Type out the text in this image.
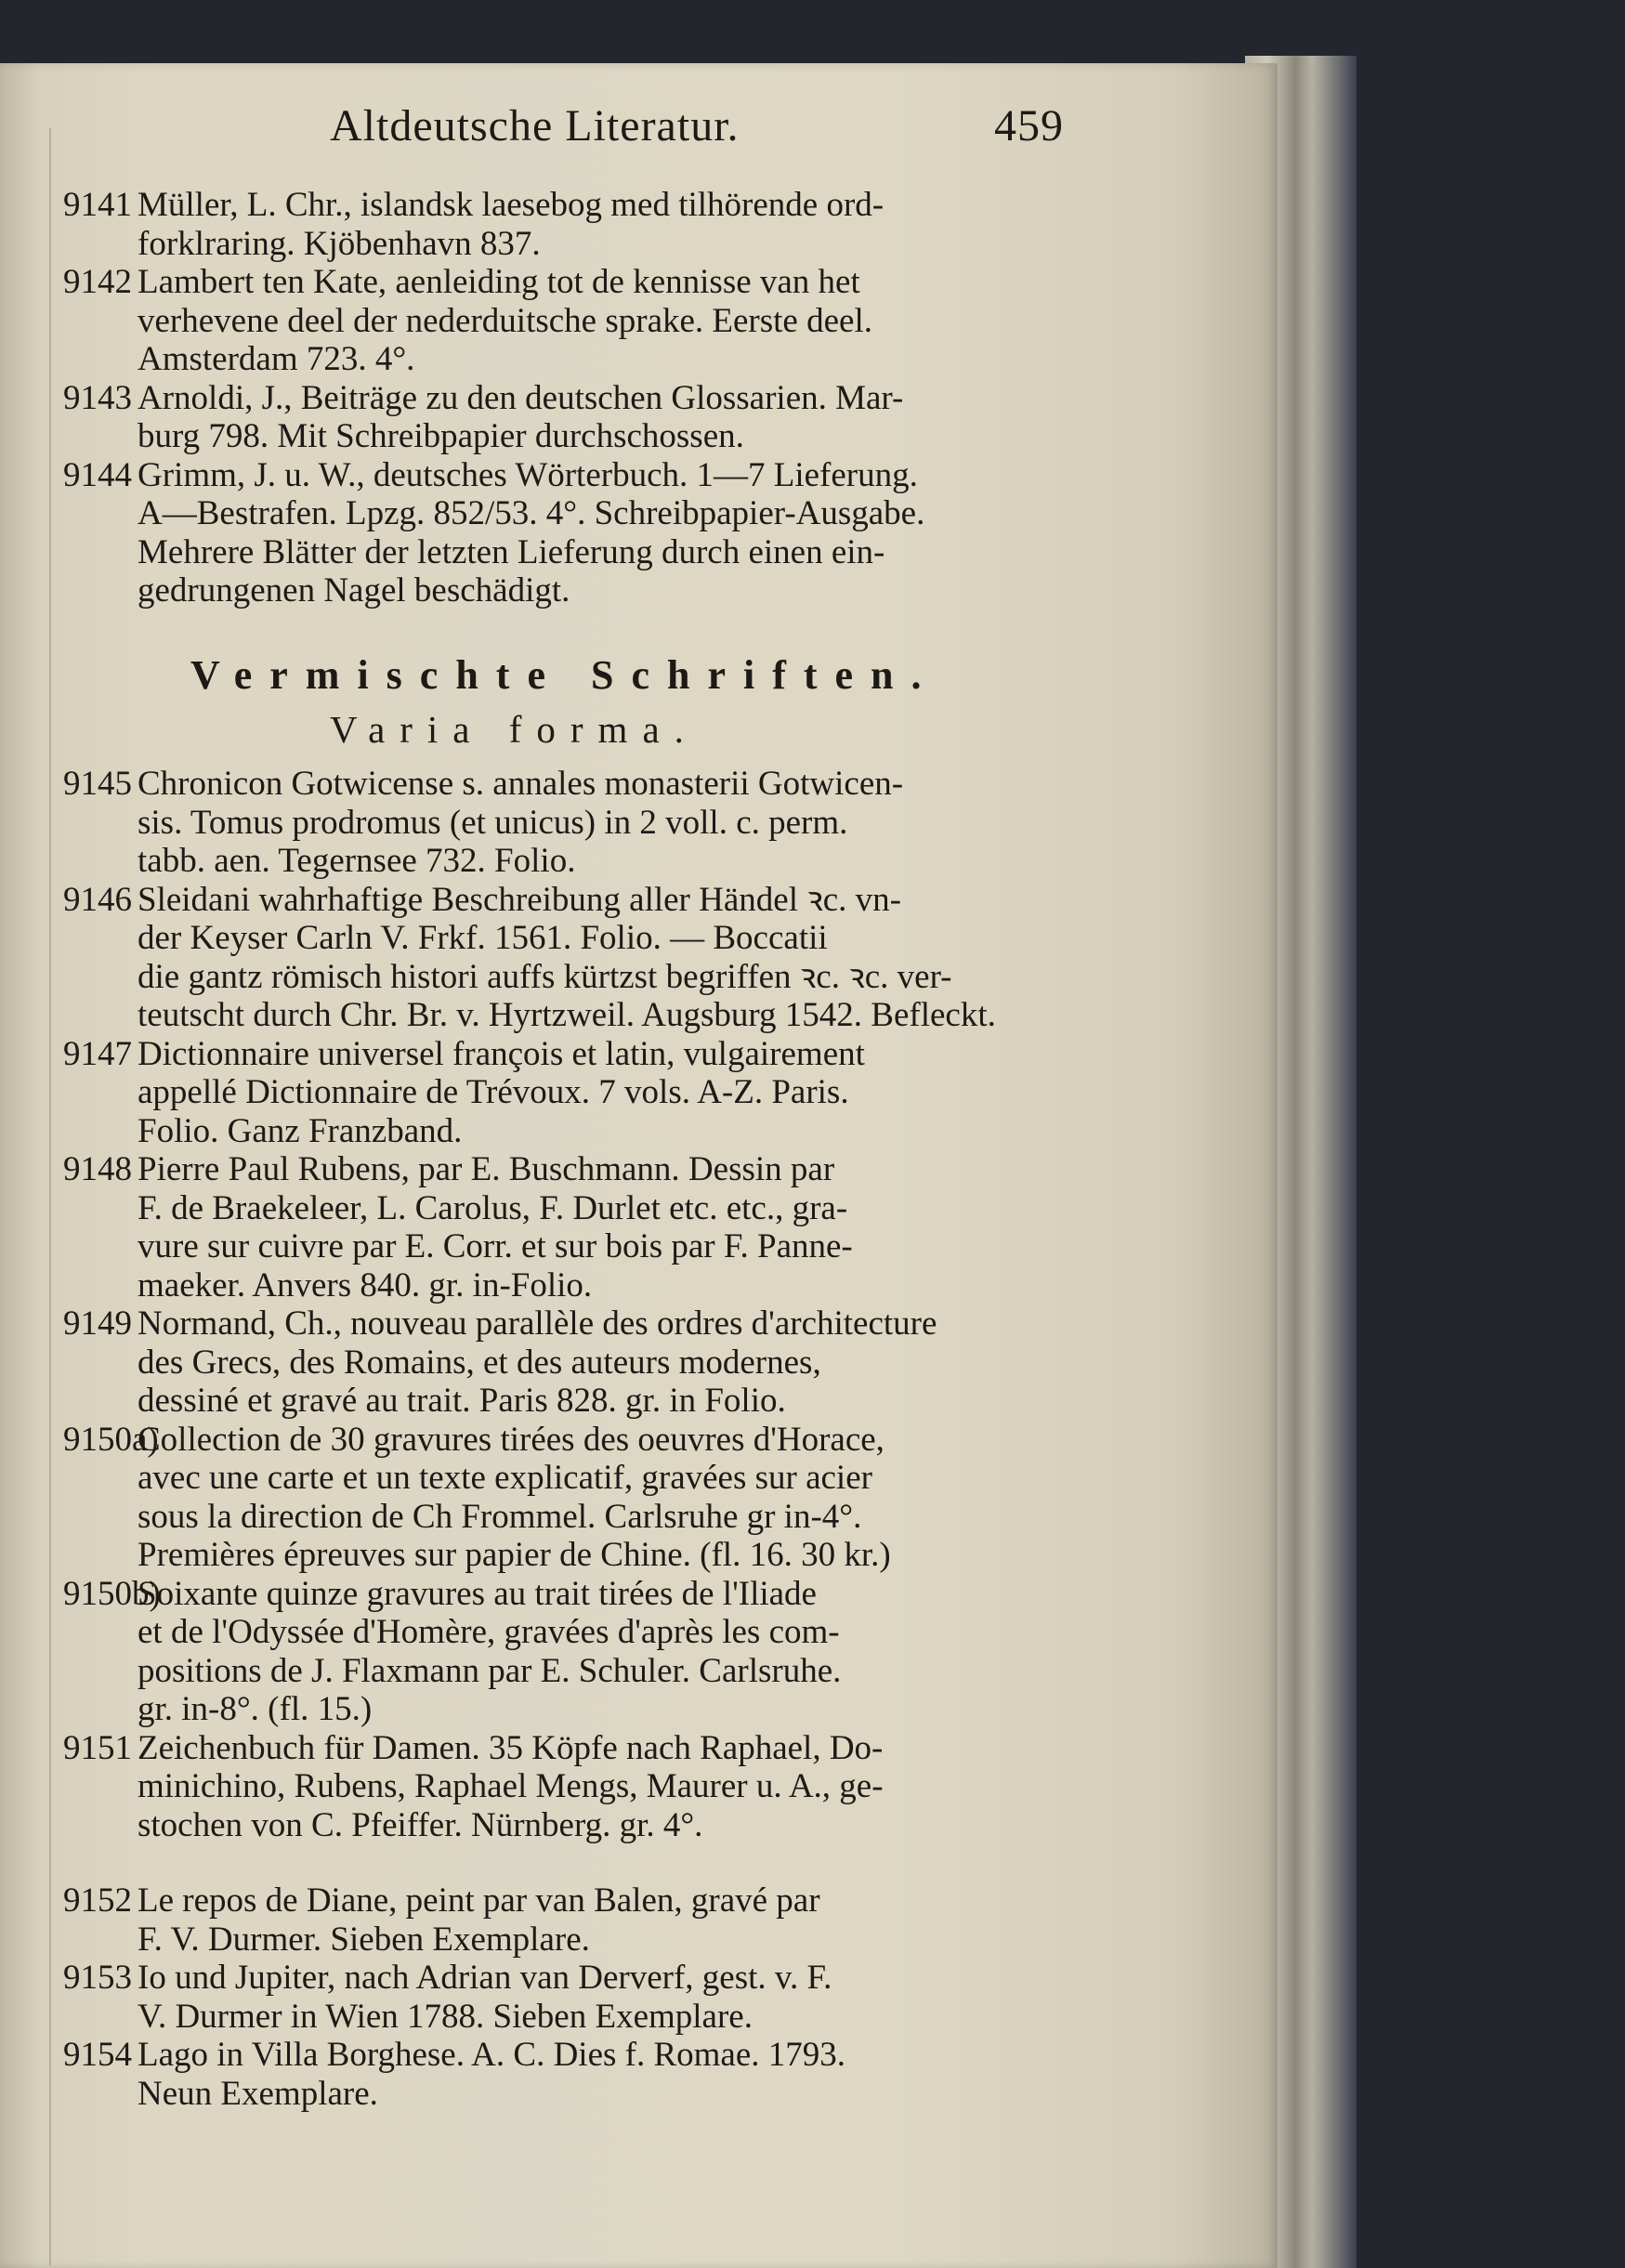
Altdeutsche Literatur.	459
9141 Müller, L. Chr., islandsk laesebog med tilhörende ord-
forklraring. Kjöbenhavn 837.
9142 Lambert ten Kate, aenleiding tot de kennisse van het
verhevene deel der nederduitsche sprake. Eerste deel.
Amsterdam 723. 4°.
9143 Arnoldi, J., Beiträge zu den deutschen Glossarien. Mar-
burg 798. Mit Schreibpapier durchschossen.
9144 Grimm, J. u. W., deutsches Wörterbuch. 1—7 Lieferung.
A—Bestrafen. Lpzg. 852/53. 4°. Schreibpapier-Ausgabe.
Mehrere Blätter der letzten Lieferung durch einen ein-
gedrungenen Nagel beschädigt.
Vermischte Schriften.
Varia forma.
9145 Chronicon Gotwicense s. annales monasterii Gotwicen-
sis. Tomus prodromus (et unicus) in 2 voll. c. perm.
tabb. aen. Tegernsee 732. Folio.
9146 Sleidani wahrhaftige Beschreibung aller Händel ꝛc. vn-
der Keyser Carln V. Frkf. 1561. Folio. — Boccatii
die gantz römisch histori auffs kürtzst begriffen ꝛc. ꝛc. ver-
teutscht durch Chr. Br. v. Hyrtzweil. Augsburg 1542. Befleckt.
9147 Dictionnaire universel françois et latin, vulgairement
appellé Dictionnaire de Trévoux. 7 vols. A-Z. Paris.
Folio. Ganz Franzband.
9148 Pierre Paul Rubens, par E. Buschmann. Dessin par
F. de Braekeleer, L. Carolus, F. Durlet etc. etc., gra-
vure sur cuivre par E. Corr. et sur bois par F. Panne-
maeker. Anvers 840. gr. in-Folio.
9149 Normand, Ch., nouveau parallèle des ordres d'architecture
des Grecs, des Romains, et des auteurs modernes,
dessiné et gravé au trait. Paris 828. gr. in Folio.
9150a)
Collection de 30 gravures tirées des oeuvres d'Horace,
avec une carte et un texte explicatif, gravées sur acier
sous la direction de Ch Frommel. Carlsruhe gr in-4°.
Premières épreuves sur papier de Chine. (fl. 16. 30 kr.)
9150b)
Soixante quinze gravures au trait tirées de l'Iliade
et de l'Odyssée d'Homère, gravées d'après les com-
positions de J. Flaxmann par E. Schuler. Carlsruhe.
gr. in-8°. (fl. 15.)
9151 Zeichenbuch für Damen. 35 Köpfe nach Raphael, Do-
minichino, Rubens, Raphael Mengs, Maurer u. A., ge-
stochen von C. Pfeiffer. Nürnberg. gr. 4°.
9152 Le repos de Diane, peint par van Balen, gravé par
F. V. Durmer. Sieben Exemplare.
9153 Io und Jupiter, nach Adrian van Derverf, gest. v. F.
V. Durmer in Wien 1788. Sieben Exemplare.
9154 Lago in Villa Borghese. A. C. Dies f. Romae. 1793.
Neun Exemplare.
